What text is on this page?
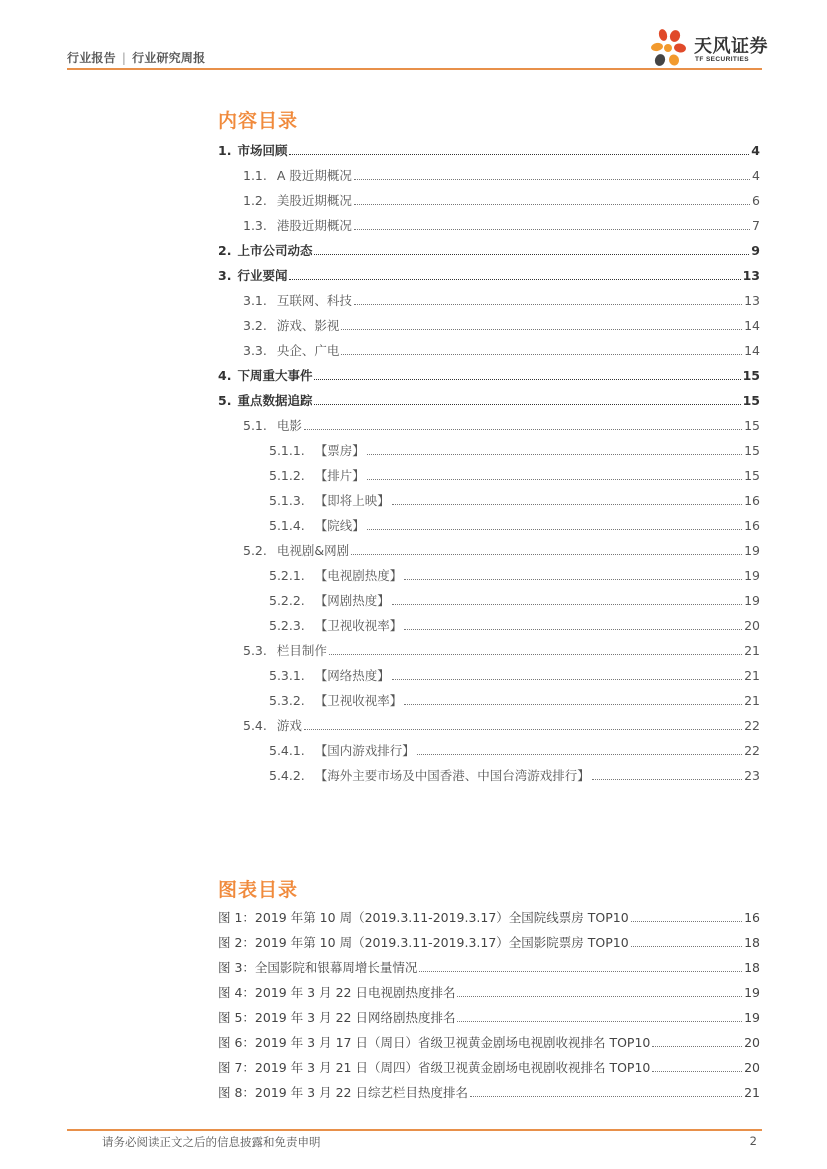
行业报告 | 行业研究周报
天风证券
TF SECURITIES
内容目录
1. 市场回顾	4
1.1. A 股近期概况	4
1.2. 美股近期概况	6
1.3. 港股近期概况	7
2. 上市公司动态	9
3. 行业要闻	13
3.1. 互联网、科技	13
3.2. 游戏、影视	14
3.3. 央企、广电	14
4. 下周重大事件	15
5. 重点数据追踪	15
5.1. 电影	15
5.1.1. 【票房】	15
5.1.2. 【排片】	15
5.1.3. 【即将上映】	16
5.1.4. 【院线】	16
5.2. 电视剧&网剧	19
5.2.1. 【电视剧热度】	19
5.2.2. 【网剧热度】	19
5.2.3. 【卫视收视率】	20
5.3. 栏目制作	21
5.3.1. 【网络热度】	21
5.3.2. 【卫视收视率】	21
5.4. 游戏	22
5.4.1. 【国内游戏排行】	22
5.4.2. 【海外主要市场及中国香港、中国台湾游戏排行】	23
图表目录
图 1：2019 年第 10 周（2019.3.11-2019.3.17）全国院线票房 TOP10	16
图 2：2019 年第 10 周（2019.3.11-2019.3.17）全国影院票房 TOP10	18
图 3：全国影院和银幕周增长量情况	18
图 4：2019 年 3 月 22 日电视剧热度排名	19
图 5：2019 年 3 月 22 日网络剧热度排名	19
图 6：2019 年 3 月 17 日（周日）省级卫视黄金剧场电视剧收视排名 TOP10	20
图 7：2019 年 3 月 21 日（周四）省级卫视黄金剧场电视剧收视排名 TOP10	20
图 8：2019 年 3 月 22 日综艺栏目热度排名	21
请务必阅读正文之后的信息披露和免责申明	2
